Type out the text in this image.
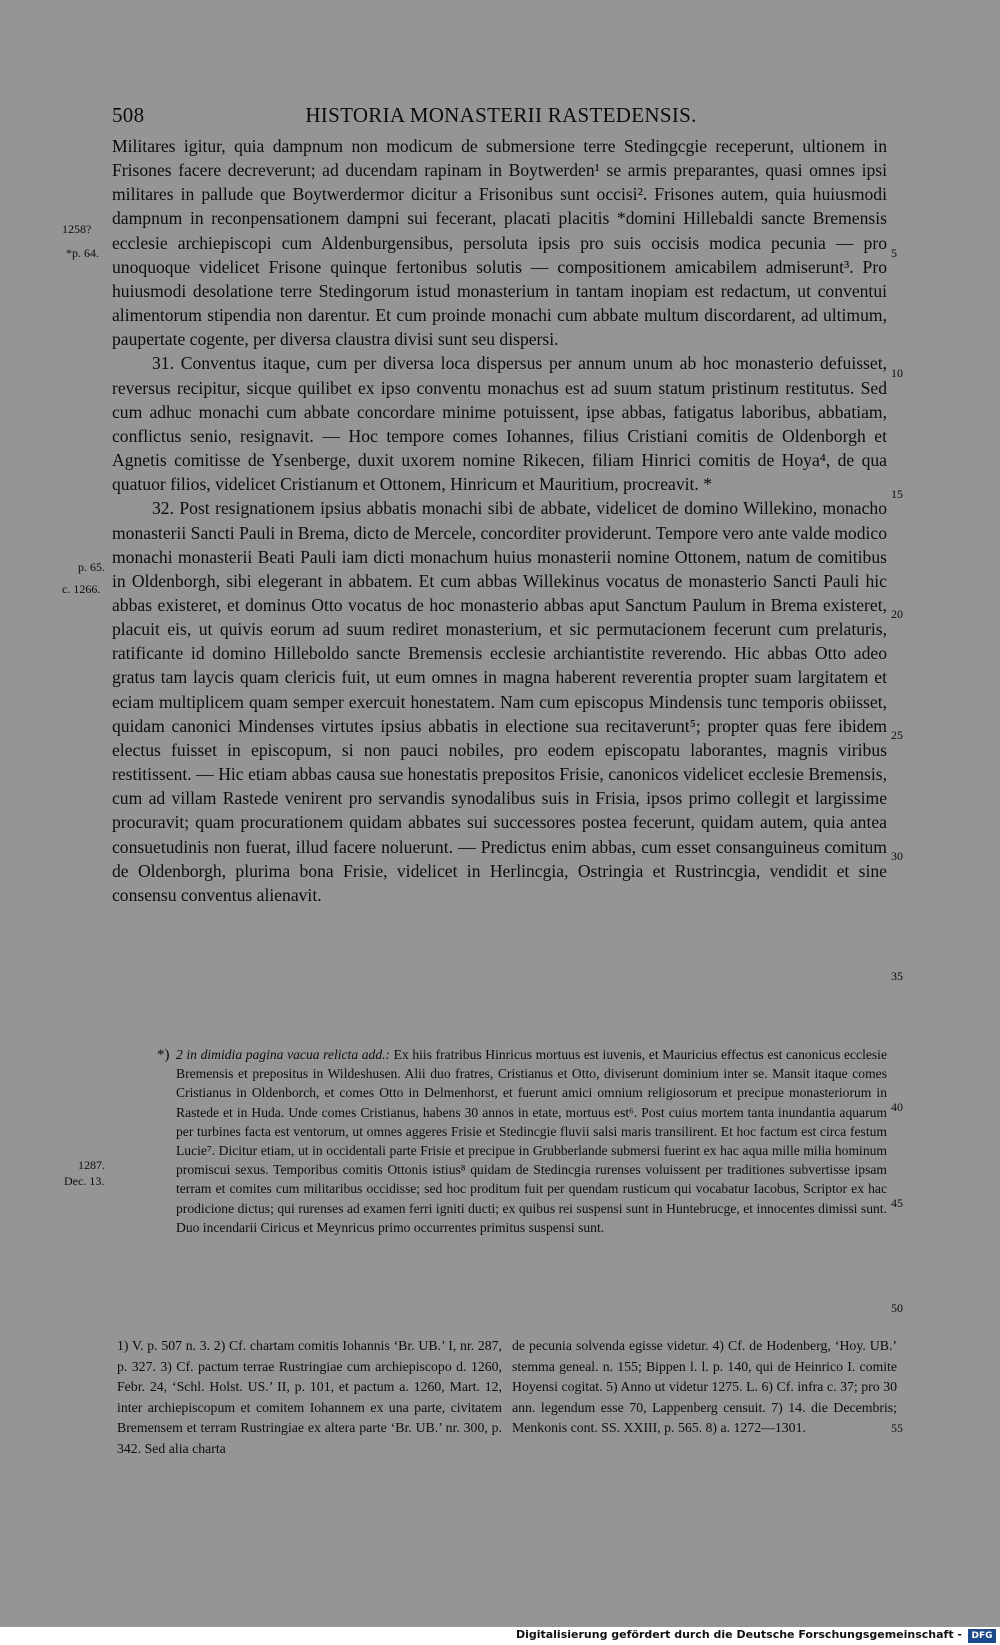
508	HISTORIA MONASTERII RASTEDENSIS.

Militares igitur, quia dampnum non modicum de submersione terre Stedingcgie receperunt, ultionem in Frisones facere decreverunt; ad ducendam rapinam in Boytwerden¹ se armis preparantes, quasi omnes ipsi militares in pallude que Boytwerdermor dicitur a Frisonibus sunt occisi². Frisones autem, quia huiusmodi dampnum in reconpensationem dampni sui fecerant, placati placitis *domini Hillebaldi sancte Bremensis ecclesie archiepiscopi cum Aldenburgensibus, persoluta ipsis pro suis occisis modica pecunia — pro unoquoque videlicet Frisone quinque fertonibus solutis — compositionem amicabilem admiserunt³. Pro huiusmodi desolatione terre Stedingorum istud monasterium in tantam inopiam est redactum, ut conventui alimentorum stipendia non darentur. Et cum proinde monachi cum abbate multum discordarent, ad ultimum, paupertate cogente, per diversa claustra divisi sunt seu dispersi.

31. Conventus itaque, cum per diversa loca dispersus per annum unum ab hoc monasterio defuisset, reversus recipitur, sicque quilibet ex ipso conventu monachus est ad suum statum pristinum restitutus. Sed cum adhuc monachi cum abbate concordare minime potuissent, ipse abbas, fatigatus laboribus, abbatiam, conflictus senio, resignavit. — Hoc tempore comes Iohannes, filius Cristiani comitis de Oldenborgh et Agnetis comitisse de Ysenberge, duxit uxorem nomine Rikecen, filiam Hinrici comitis de Hoya⁴, de qua quatuor filios, videlicet Cristianum et Ottonem, Hinricum et Mauritium, procreavit. *

32. Post resignationem ipsius abbatis monachi sibi de abbate, videlicet de domino Willekino, monacho monasterii Sancti Pauli in Brema, dicto de Mercele, concorditer providerunt. Tempore vero ante valde modico monachi monasterii Beati Pauli iam dicti monachum huius monasterii nomine Ottonem, natum de comitibus in Oldenborgh, sibi elegerant in abbatem. Et cum abbas Willekinus vocatus de monasterio Sancti Pauli hic abbas existeret, et dominus Otto vocatus de hoc monasterio abbas aput Sanctum Paulum in Brema existeret, placuit eis, ut quivis eorum ad suum rediret monasterium, et sic permutacionem fecerunt cum prelaturis, ratificante id domino Hilleboldo sancte Bremensis ecclesie archiantistite reverendo. Hic abbas Otto adeo gratus tam laycis quam clericis fuit, ut eum omnes in magna haberent reverentia propter suam largitatem et eciam multiplicem quam semper exercuit honestatem. Nam cum episcopus Mindensis tunc temporis obiisset, quidam canonici Mindenses virtutes ipsius abbatis in electione sua recitaverunt⁵; propter quas fere ibidem electus fuisset in episcopum, si non pauci nobiles, pro eodem episcopatu laborantes, magnis viribus restitissent. — Hic etiam abbas causa sue honestatis prepositos Frisie, canonicos videlicet ecclesie Bremensis, cum ad villam Rastede venirent pro servandis synodalibus suis in Frisia, ipsos primo collegit et largissime procuravit; quam procurationem quidam abbates sui successores postea fecerunt, quidam autem, quia antea consuetudinis non fuerat, illud facere noluerunt. — Predictus enim abbas, cum esset consanguineus comitum de Oldenborgh, plurima bona Frisie, videlicet in Herlincgia, Ostringia et Rustrincgia, vendidit et sine consensu conventus alienavit.

*) 2 in dimidia pagina vacua relicta add.: Ex hiis fratribus Hinricus mortuus est iuvenis, et Mauricius effectus est canonicus ecclesie Bremensis et prepositus in Wildeshusen. Alii duo fratres, Cristianus et Otto, diviserunt dominium inter se. Mansit itaque comes Cristianus in Oldenborch, et comes Otto in Delmenhorst, et fuerunt amici omnium religiosorum et precipue monasteriorum in Rastede et in Huda. Unde comes Cristianus, habens 30 annos in etate, mortuus est⁶. Post cuius mortem tanta inundantia aquarum per turbines facta est ventorum, ut omnes aggeres Frisie et Stedincgie fluvii salsi maris transilirent. Et hoc factum est circa festum Lucie⁷. Dicitur etiam, ut in occidentali parte Frisie et precipue in Grubberlande submersi fuerint ex hac aqua mille milia hominum promiscui sexus. Temporibus comitis Ottonis istius⁸ quidam de Stedincgia rurenses voluissent per traditiones subvertisse ipsam terram et comites cum militaribus occidisse; sed hoc proditum fuit per quendam rusticum qui vocabatur Iacobus, Scriptor ex hac prodicione dictus; qui rurenses ad examen ferri igniti ducti; ex quibus rei suspensi sunt in Huntebrucge, et innocentes dimissi sunt. Duo incendarii Ciricus et Meynricus primo occurrentes primitus suspensi sunt.

1) V. p. 507 n. 3. 2) Cf. chartam comitis Iohannis ‘Br. UB.’ I, nr. 287, p. 327. 3) Cf. pactum terrae Rustringiae cum archiepiscopo d. 1260, Febr. 24, ‘Schl. Holst. US.’ II, p. 101, et pactum a. 1260, Mart. 12, inter archiepiscopum et comitem Iohannem ex una parte, civitatem Bremensem et terram Rustringiae ex altera parte ‘Br. UB.’ nr. 300, p. 342. Sed alia charta

de pecunia solvenda egisse videtur. 4) Cf. de Hodenberg, ‘Hoy. UB.’ stemma geneal. n. 155; Bippen l. l. p. 140, qui de Heinrico I. comite Hoyensi cogitat. 5) Anno ut videtur 1275. L. 6) Cf. infra c. 37; pro 30 ann. legendum esse 70, Lappenberg censuit. 7) 14. die Decembris; Menkonis cont. SS. XXIII, p. 565. 8) a. 1272—1301.

1258?
*p. 64.
p. 65.
c. 1266.
1287.
Dec. 13.
5
10
15
20
25
30
35
40
45
50
55
Digitalisierung gefördert durch die Deutsche Forschungsgemeinschaft -	DFG
